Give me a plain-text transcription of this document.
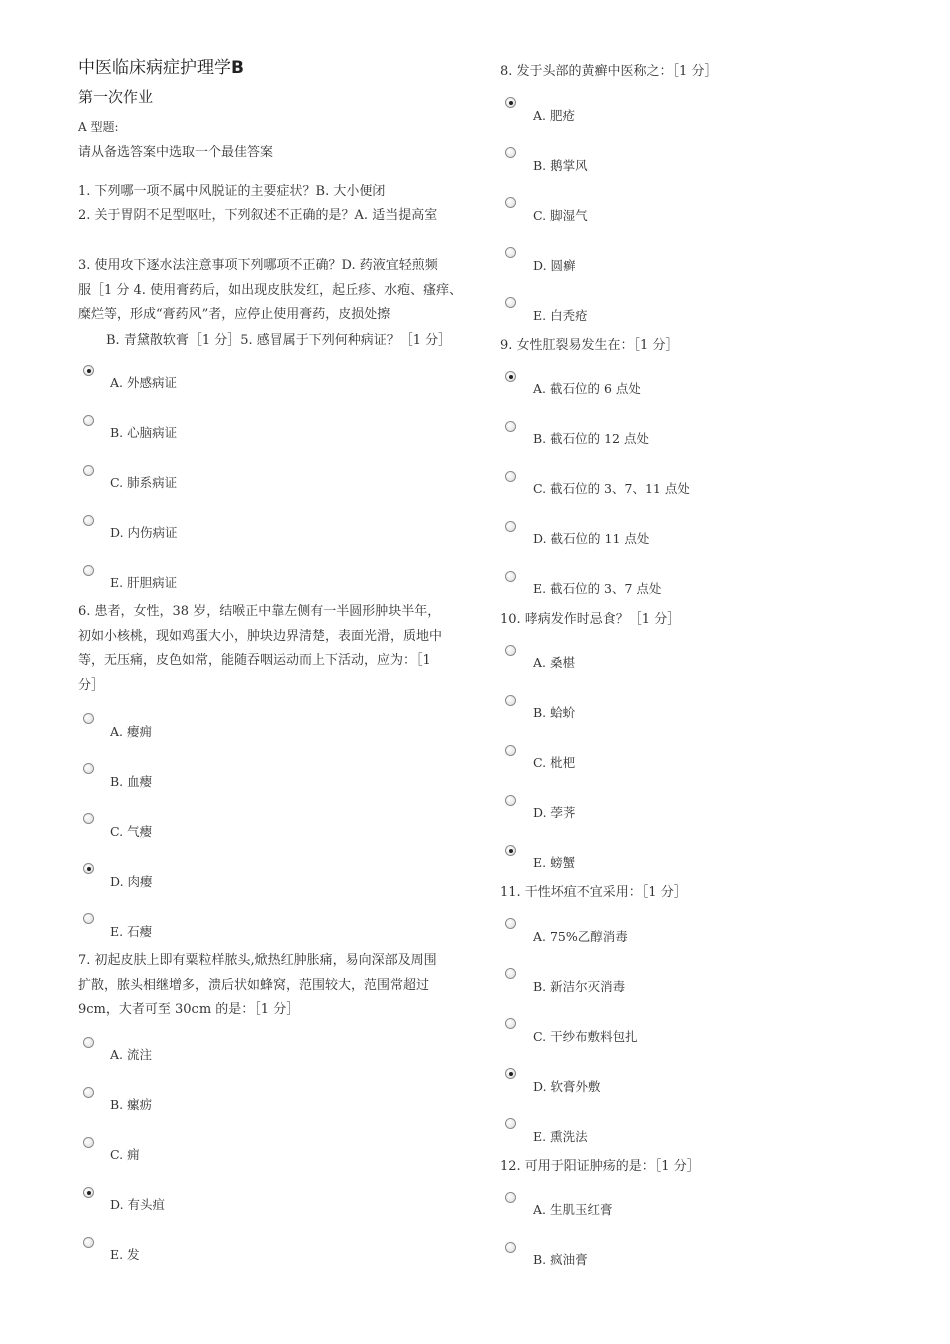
中医临床病症护理学B
第一次作业
A 型题:
请从备选答案中选取一个最佳答案
1. 下列哪一项不属中风脱证的主要症状？B. 大小便闭
2. 关于胃阴不足型呕吐，下列叙述不正确的是？A. 适当提高室
3. 使用攻下逐水法注意事项下列哪项不正确？D. 药液宜轻煎频
服［1 分 4. 使用膏药后，如出现皮肤发红，起丘疹、水疱、瘙痒、
糜烂等，形成“膏药风”者，应停止使用膏药，皮损处擦
B. 青黛散软膏［1 分］5. 感冒属于下列何种病证？［1 分］
A. 外感病证
B. 心脑病证
C. 肺系病证
D. 内伤病证
E. 肝胆病证
6. 患者，女性，38 岁，结喉正中靠左侧有一半圆形肿块半年，
初如小核桃，现如鸡蛋大小，肿块边界清楚，表面光滑，质地中
等，无压痛，皮色如常，能随吞咽运动而上下活动，应为：［1
分］
A. 瘿痈
B. 血瘿
C. 气瘿
D. 肉瘿
E. 石瘿
7. 初起皮肤上即有粟粒样脓头,焮热红肿胀痛，易向深部及周围
扩散，脓头相继增多，溃后状如蜂窝，范围较大，范围常超过
9cm，大者可至 30cm 的是：［1 分］
A. 流注
B. 瘰疬
C. 痈
D. 有头疽
E. 发
8. 发于头部的黄癣中医称之：［1 分］
A. 肥疮
B. 鹅掌风
C. 脚湿气
D. 圆癣
E. 白秃疮
9. 女性肛裂易发生在：［1 分］
A. 截石位的 6 点处
B. 截石位的 12 点处
C. 截石位的 3、7、11 点处
D. 截石位的 11 点处
E. 截石位的 3、7 点处
10. 哮病发作时忌食？［1 分］
A. 桑椹
B. 蛤蚧
C. 枇杷
D. 荸荠
E. 螃蟹
11. 干性坏疽不宜采用：［1 分］
A. 75%乙醇消毒
B. 新洁尔灭消毒
C. 干纱布敷料包扎
D. 软膏外敷
E. 熏洗法
12. 可用于阳证肿疡的是：［1 分］
A. 生肌玉红膏
B. 疯油膏
